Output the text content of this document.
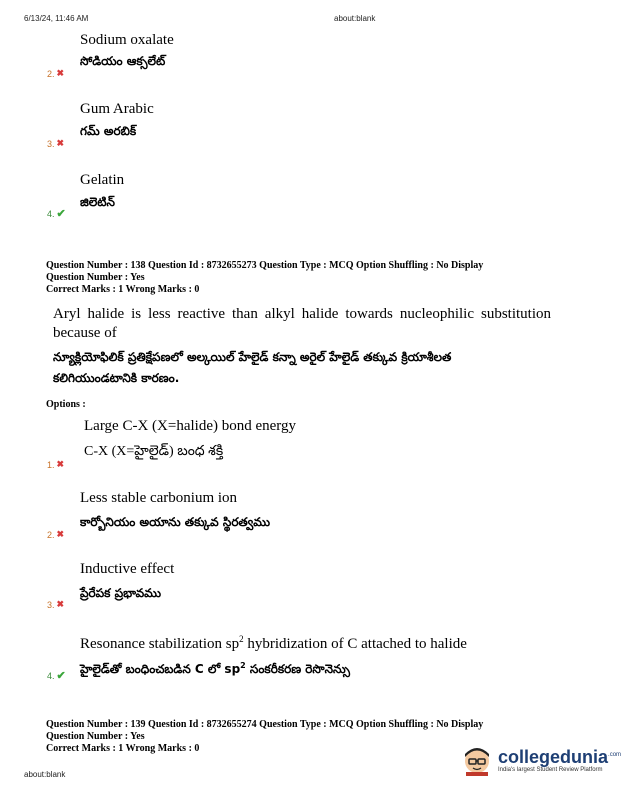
6/13/24, 11:46 AM	about:blank
Sodium oxalate
సోడియం ఆక్సలేట్
2. ✖
Gum Arabic
గమ్ అరబిక్
3. ✖
Gelatin
జిలెటిన్
4. ✔
Question Number : 138 Question Id : 8732655273 Question Type : MCQ Option Shuffling : No Display
Question Number : Yes
Correct Marks : 1 Wrong Marks : 0
Aryl halide is less reactive than alkyl halide towards nucleophilic substitution because of
న్యూక్లియోఫిలిక్ ప్రతిక్షేపణలో అల్కయిల్ హేలైడ్ కన్నా అరైల్ హేలైడ్ తక్కువ క్రియాశీలత
కలిగియుండటానికి కారణం.
Options :
Large C-X (X=halide) bond energy
C-X (X=హైలైడ్) బంధ శక్తి
1. ✖
Less stable carbonium ion
కార్బోనియం అయాను తక్కువ స్థిరత్వము
2. ✖
Inductive effect
ప్రేరేపక ప్రభావము
3. ✖
Resonance stabilization $sp^2$ hybridization of C attached to halide
హైలైడ్‌తో బంధించబడిన C లో $sp^2$ సంకరీకరణ రెసొనెన్సు
4. ✔
Question Number : 139 Question Id : 8732655274 Question Type : MCQ Option Shuffling : No Display
Question Number : Yes
Correct Marks : 1 Wrong Marks : 0
about:blank
collegedunia$^{.com}$
India's largest Student Review Platform
